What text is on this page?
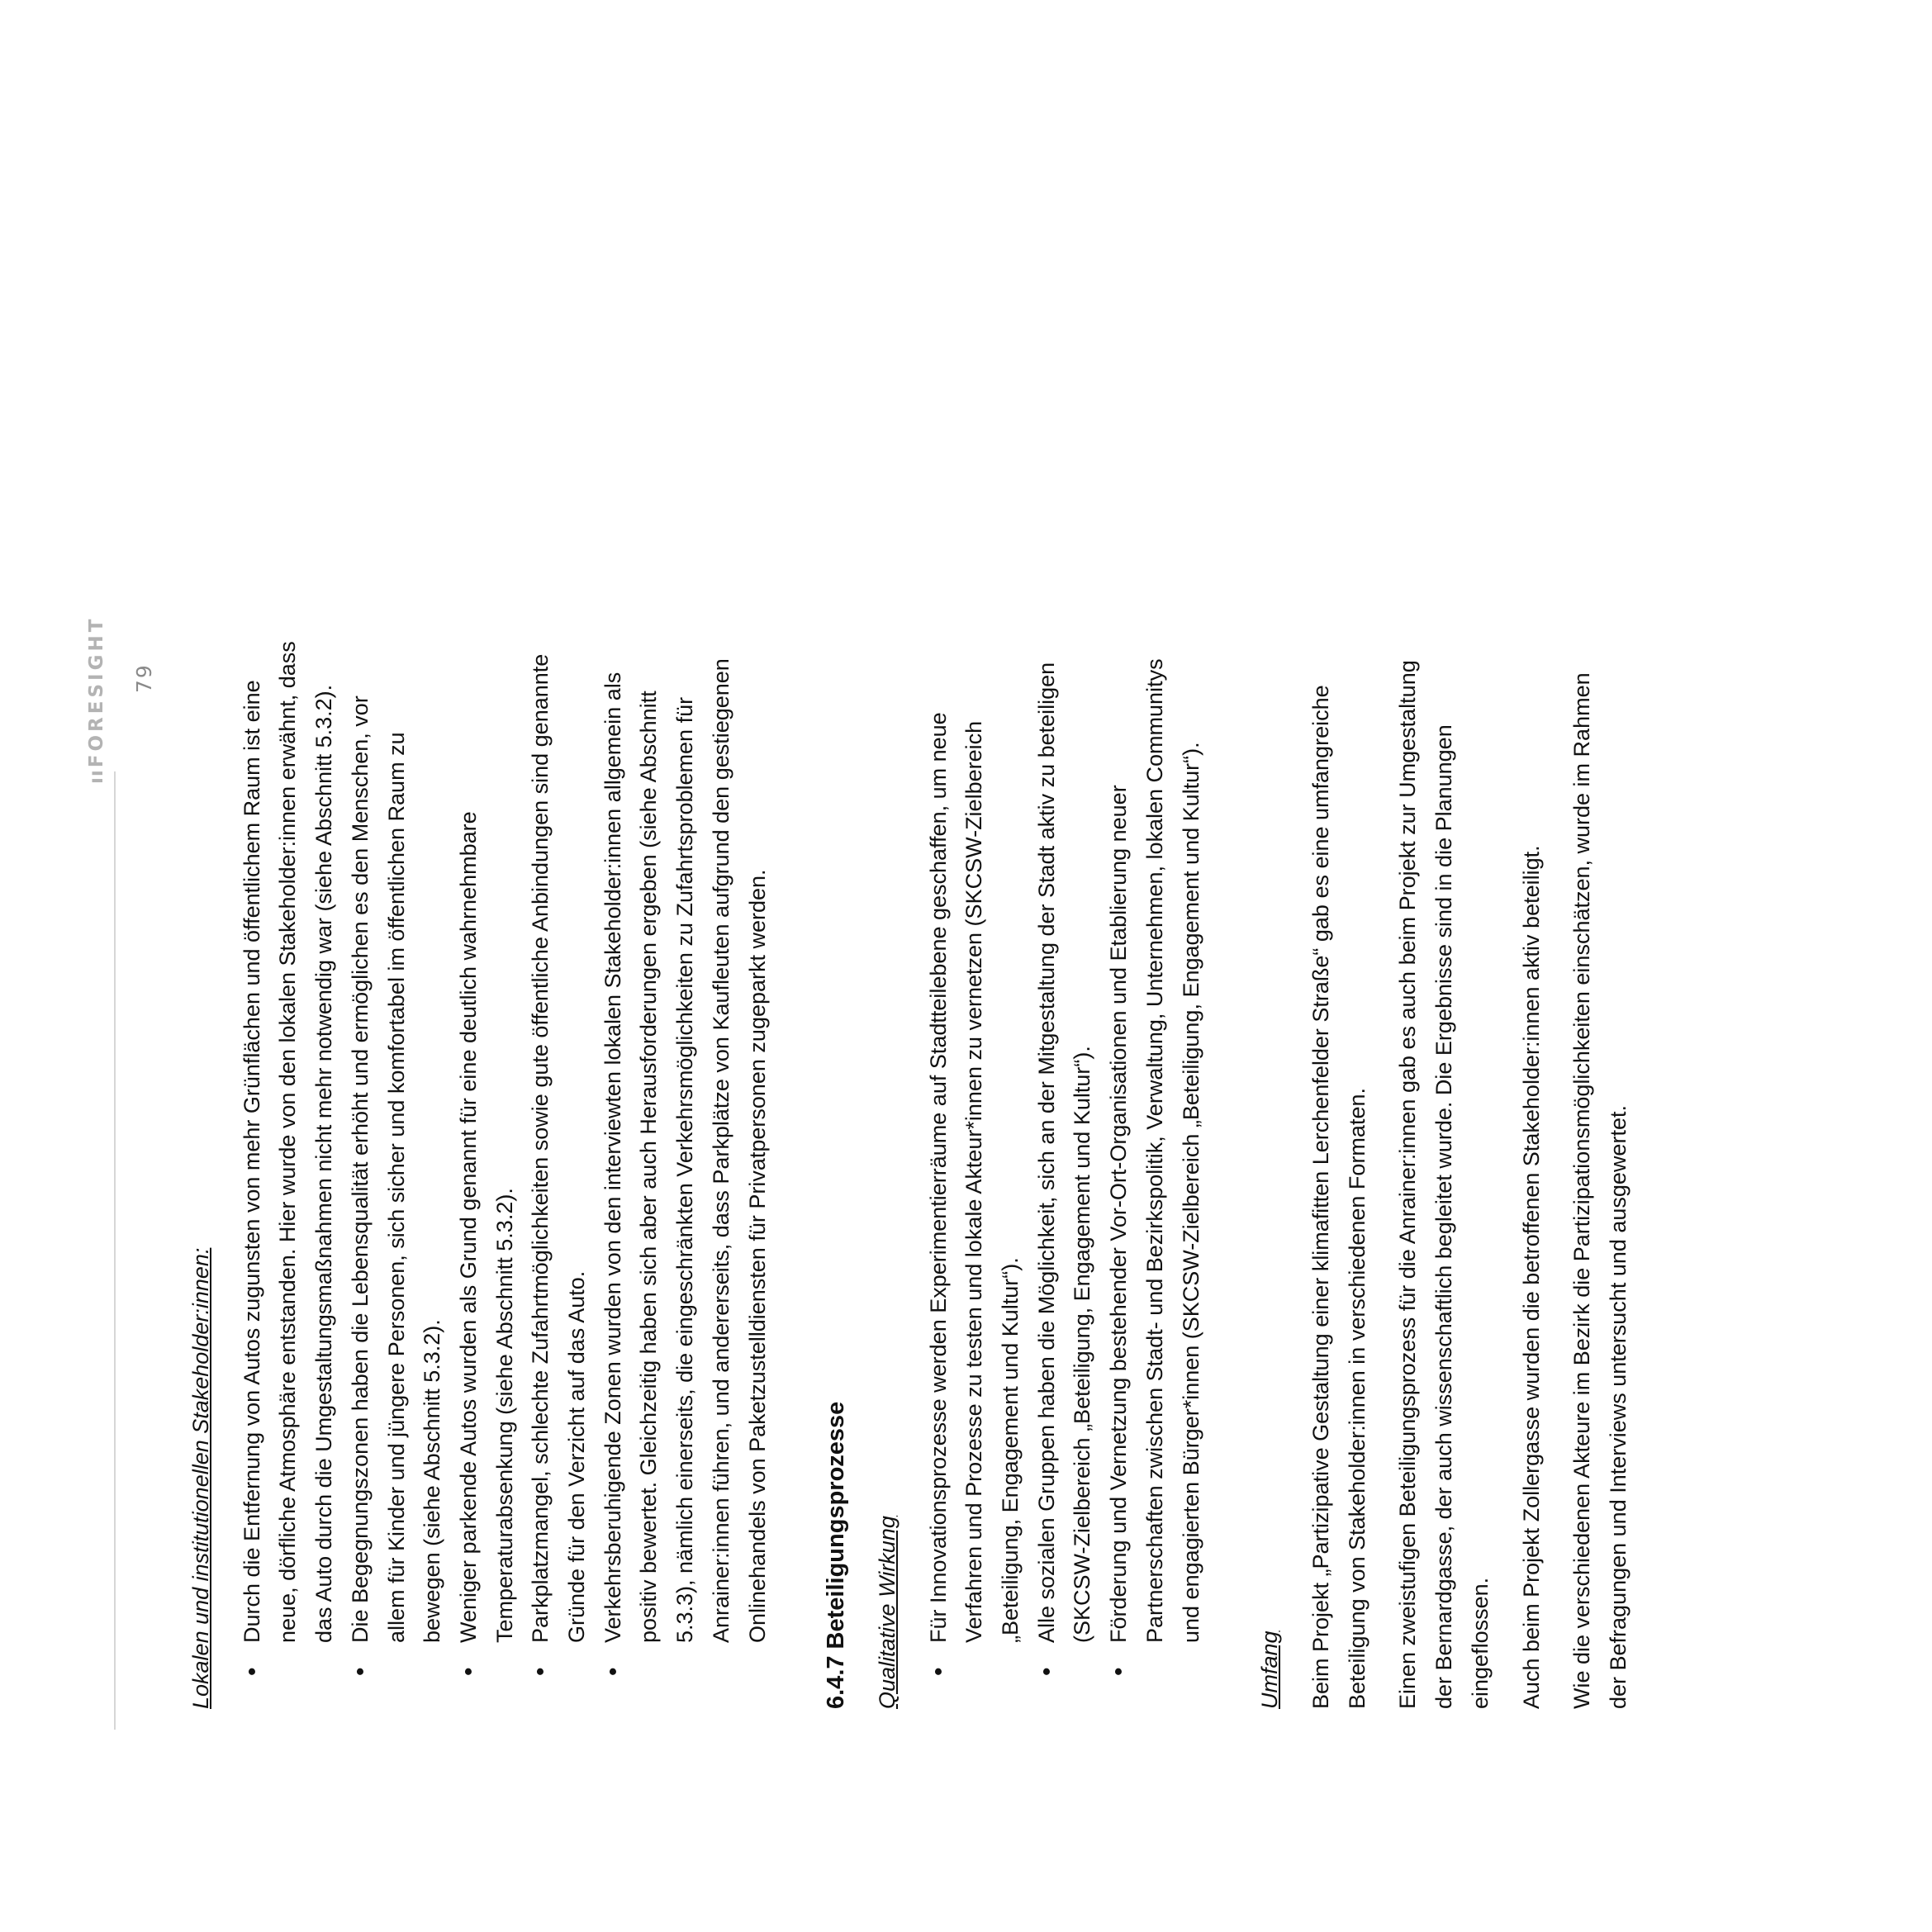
ııFORESIGHT 79

Lokalen und institutionellen Stakeholder:innen: • Durch die Entfernung von Autos zugunsten von mehr Grünflächen und öffentlichem Raum ist eine neue, dörfliche Atmosphäre entstanden. Hier wurde von den lokalen Stakeholder:innen erwähnt, dass das Auto durch die Umgestaltungsmaßnahmen nicht mehr notwendig war (siehe Abschnitt 5.3.2). • Die Begegnungszonen haben die Lebensqualität erhöht und ermöglichen es den Menschen, vor allem für Kinder und jüngere Personen, sich sicher und komfortabel im öffentlichen Raum zu bewegen (siehe Abschnitt 5.3.2). • Weniger parkende Autos wurden als Grund genannt für eine deutlich wahrnehmbare Temperaturabsenkung (siehe Abschnitt 5.3.2). • Parkplatzmangel, schlechte Zufahrtmöglichkeiten sowie gute öffentliche Anbindungen sind genannte Gründe für den Verzicht auf das Auto. • Verkehrsberuhigende Zonen wurden von den interviewten lokalen Stakeholder:innen allgemein als positiv bewertet. Gleichzeitig haben sich aber auch Herausforderungen ergeben (siehe Abschnitt 5.3.3), nämlich einerseits, die eingeschränkten Verkehrsmöglichkeiten zu Zufahrtsproblemen für Anrainer:innen führen, und andererseits, dass Parkplätze von Kaufleuten aufgrund den gestiegenen Onlinehandels von Paketzustelldiensten für Privatpersonen zugeparkt werden. 6.4.7 Beteiligungsprozesse Qualitative Wirkung • Für Innovationsprozesse werden Experimentierräume auf Stadtteilebene geschaffen, um neue Verfahren und Prozesse zu testen und lokale Akteur*innen zu vernetzen (SKCSW-Zielbereich „Beteiligung, Engagement und Kultur“). • Alle sozialen Gruppen haben die Möglichkeit, sich an der Mitgestaltung der Stadt aktiv zu beteiligen (SKCSW-Zielbereich „Beteiligung, Engagement und Kultur“). • Förderung und Vernetzung bestehender Vor-Ort-Organisationen und Etablierung neuer Partnerschaften zwischen Stadt- und Bezirkspolitik, Verwaltung, Unternehmen, lokalen Communitys und engagierten Bürger*innen (SKCSW-Zielbereich „Beteiligung, Engagement und Kultur“).

Umfang Beim Projekt „Partizipative Gestaltung einer klimafitten Lerchenfelder Straße“ gab es eine umfangreiche Beteiligung von Stakeholder:innen in verschiedenen Formaten. Einen zweistufigen Beteiligungsprozess für die Anrainer:innen gab es auch beim Projekt zur Umgestaltung der Bernardgasse, der auch wissenschaftlich begleitet wurde. Die Ergebnisse sind in die Planungen eingeflossen. Auch beim Projekt Zollergasse wurden die betroffenen Stakeholder:innen aktiv beteiligt. Wie die verschiedenen Akteure im Bezirk die Partizipationsmöglichkeiten einschätzen, wurde im Rahmen der Befragungen und Interviews untersucht und ausgewertet.
